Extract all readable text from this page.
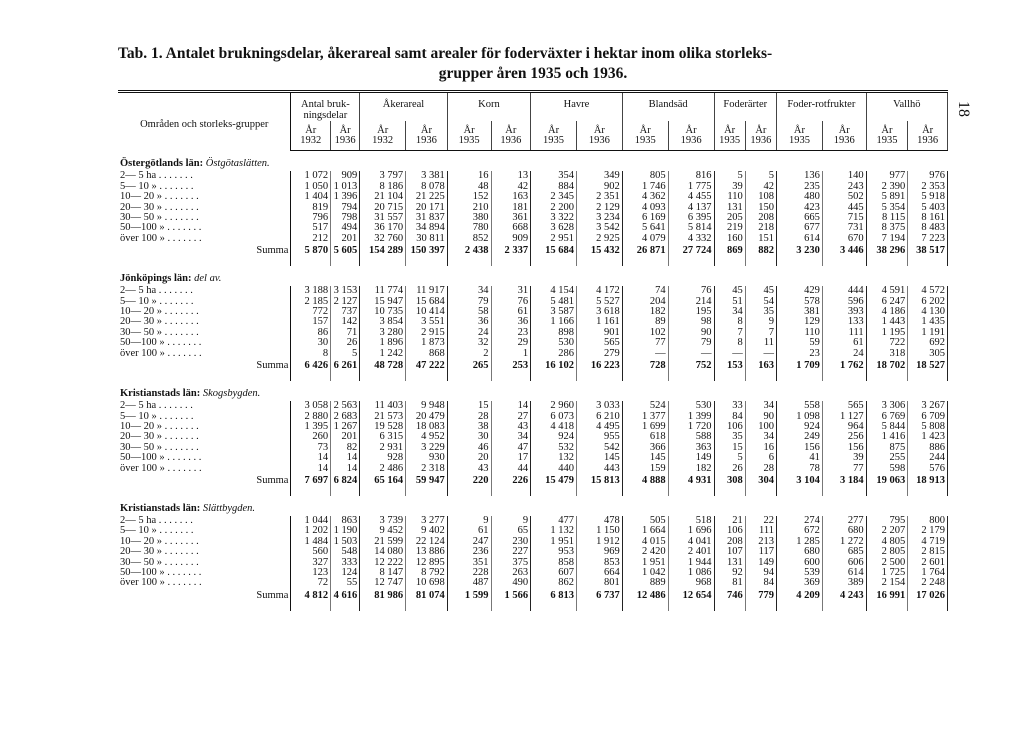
Tab. 1. Antalet brukningsdelar, åkerareal samt arealer för foderväxter i hektar inom olika storleks-
grupper åren 1935 och 1936.
18
Områden och storleks-grupper	Antal bruk-ningsdelar		Åkerareal		Korn		Havre		Blandsäd		Foderärter		Foder-rotfrukter		Vallhö	
	År	År	År	År	År	År	År	År	År	År	År	År	År	År	År	År
	1932	1936	1932	1936	1935	1936	1935	1936	1935	1936	1935	1936	1935	1936	1935	1936
Östergötlands län: Östgötaslätten.																
2— 5 ha . . . . . . .	1 072	909	3 797	3 381	16	13	354	349	805	816	5	5	136	140	977	976
5— 10 » . . . . . . .	1 050	1 013	8 186	8 078	48	42	884	902	1 746	1 775	39	42	235	243	2 390	2 353
10— 20 » . . . . . . .	1 404	1 396	21 104	21 225	152	163	2 345	2 351	4 362	4 455	110	108	480	502	5 891	5 918
20— 30 » . . . . . . .	819	794	20 715	20 171	210	181	2 200	2 129	4 093	4 137	131	150	423	445	5 354	5 403
30— 50 » . . . . . . .	796	798	31 557	31 837	380	361	3 322	3 234	6 169	6 395	205	208	665	715	8 115	8 161
50—100 » . . . . . . .	517	494	36 170	34 894	780	668	3 628	3 542	5 641	5 814	219	218	677	731	8 375	8 483
över 100 » . . . . . . .	212	201	32 760	30 811	852	909	2 951	2 925	4 079	4 332	160	151	614	670	7 194	7 223
Summa	5 870	5 605	154 289	150 397	2 438	2 337	15 684	15 432	26 871	27 724	869	882	3 230	3 446	38 296	38 517
Jönköpings län: del av.																
2— 5 ha . . . . . . .	3 188	3 153	11 774	11 917	34	31	4 154	4 172	74	76	45	45	429	444	4 591	4 572
5— 10 » . . . . . . .	2 185	2 127	15 947	15 684	79	76	5 481	5 527	204	214	51	54	578	596	6 247	6 202
10— 20 » . . . . . . .	772	737	10 735	10 414	58	61	3 587	3 618	182	195	34	35	381	393	4 186	4 130
20— 30 » . . . . . . .	157	142	3 854	3 551	36	36	1 166	1 161	89	98	8	9	129	133	1 443	1 435
30— 50 » . . . . . . .	86	71	3 280	2 915	24	23	898	901	102	90	7	7	110	111	1 195	1 191
50—100 » . . . . . . .	30	26	1 896	1 873	32	29	530	565	77	79	8	11	59	61	722	692
över 100 » . . . . . . .	8	5	1 242	868	2	1	286	279	—	—	—	—	23	24	318	305
Summa	6 426	6 261	48 728	47 222	265	253	16 102	16 223	728	752	153	163	1 709	1 762	18 702	18 527
Kristianstads län: Skogsbygden.																
2— 5 ha . . . . . . .	3 058	2 563	11 403	9 948	15	14	2 960	3 033	524	530	33	34	558	565	3 306	3 267
5— 10 » . . . . . . .	2 880	2 683	21 573	20 479	28	27	6 073	6 210	1 377	1 399	84	90	1 098	1 127	6 769	6 709
10— 20 » . . . . . . .	1 395	1 267	19 528	18 083	38	43	4 418	4 495	1 699	1 720	106	100	924	964	5 844	5 808
20— 30 » . . . . . . .	260	201	6 315	4 952	30	34	924	955	618	588	35	34	249	256	1 416	1 423
30— 50 » . . . . . . .	73	82	2 931	3 229	46	47	532	542	366	363	15	16	156	156	875	886
50—100 » . . . . . . .	14	14	928	930	20	17	132	145	145	149	5	6	41	39	255	244
över 100 » . . . . . . .	14	14	2 486	2 318	43	44	440	443	159	182	26	28	78	77	598	576
Summa	7 697	6 824	65 164	59 947	220	226	15 479	15 813	4 888	4 931	308	304	3 104	3 184	19 063	18 913
Kristianstads län: Slättbygden.																
2— 5 ha . . . . . . .	1 044	863	3 739	3 277	9	9	477	478	505	518	21	22	274	277	795	800
5— 10 » . . . . . . .	1 202	1 190	9 452	9 402	61	65	1 132	1 150	1 664	1 696	106	111	672	680	2 207	2 179
10— 20 » . . . . . . .	1 484	1 503	21 599	22 124	247	230	1 951	1 912	4 015	4 041	208	213	1 285	1 272	4 805	4 719
20— 30 » . . . . . . .	560	548	14 080	13 886	236	227	953	969	2 420	2 401	107	117	680	685	2 805	2 815
30— 50 » . . . . . . .	327	333	12 222	12 895	351	375	858	853	1 951	1 944	131	149	600	606	2 500	2 601
50—100 » . . . . . . .	123	124	8 147	8 792	228	263	607	664	1 042	1 086	92	94	539	614	1 725	1 764
över 100 » . . . . . . .	72	55	12 747	10 698	487	490	862	801	889	968	81	84	369	389	2 154	2 248
Summa	4 812	4 616	81 986	81 074	1 599	1 566	6 813	6 737	12 486	12 654	746	779	4 209	4 243	16 991	17 026
